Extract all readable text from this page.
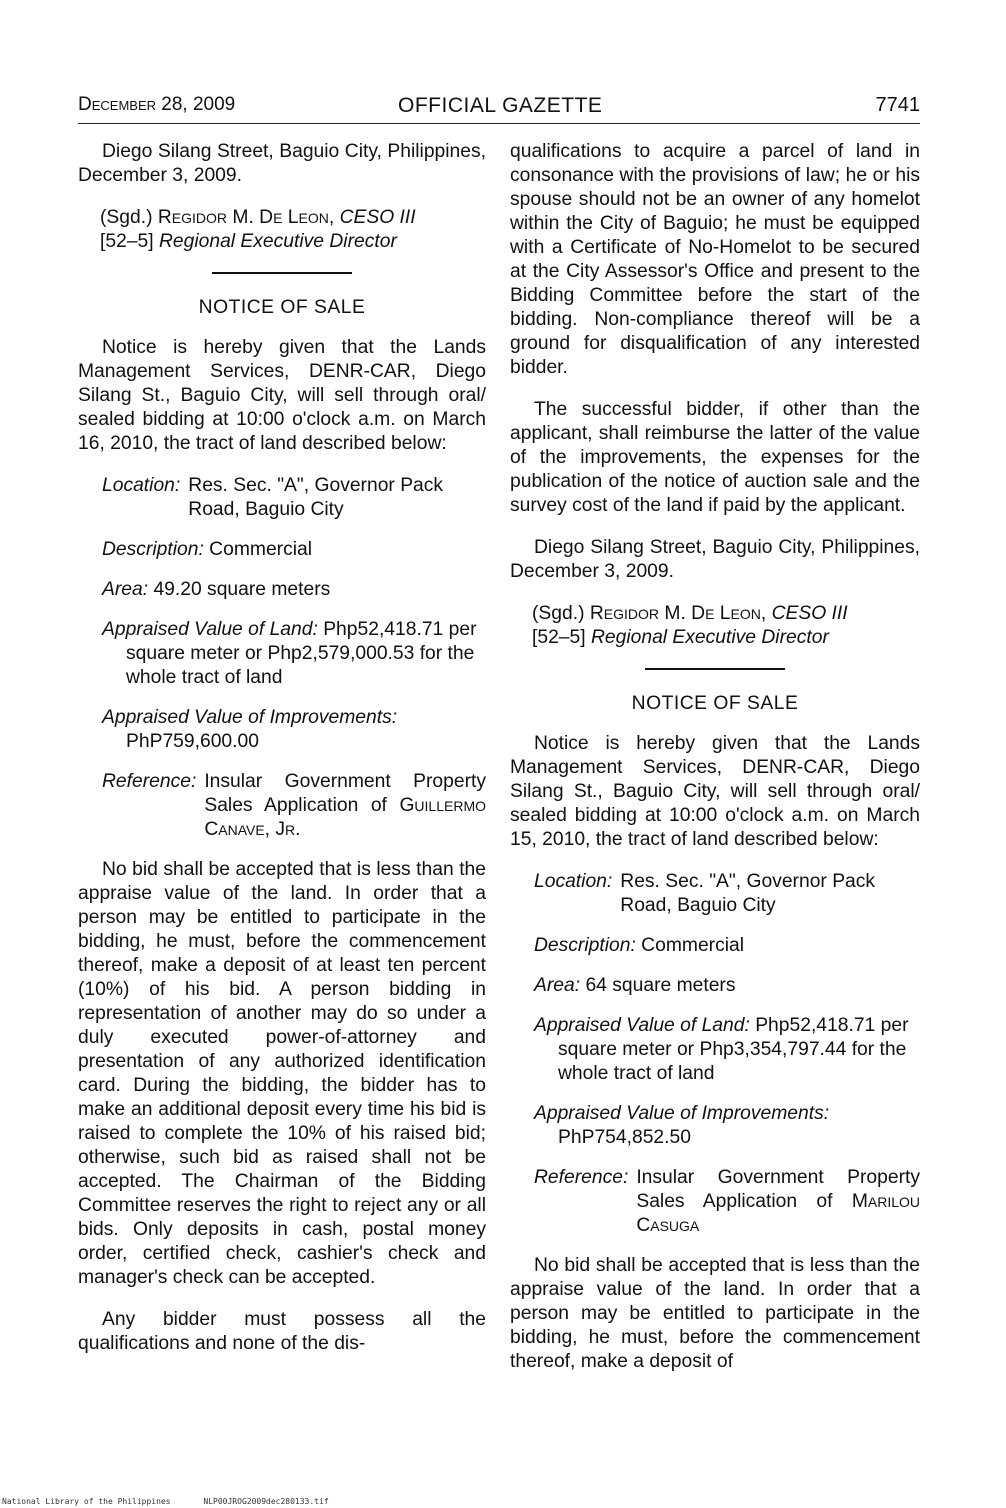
December 28, 2009	OFFICIAL GAZETTE	7741

Diego Silang Street, Baguio City, Philippines, December 3, 2009.

(Sgd.) Regidor M. De Leon, CESO III
[52–5] Regional Executive Director

NOTICE OF SALE

Notice is hereby given that the Lands Management Services, DENR-CAR, Diego Silang St., Baguio City, will sell through oral/ sealed bidding at 10:00 o'clock a.m. on March 16, 2010, the tract of land described below:

Location: Res. Sec. "A", Governor Pack Road, Baguio City
Description: Commercial
Area: 49.20 square meters
Appraised Value of Land: Php52,418.71 per square meter or Php2,579,000.53 for the whole tract of land
Appraised Value of Improvements:
PhP759,600.00
Reference: Insular Government Property Sales Application of Guillermo Canave, Jr.

No bid shall be accepted that is less than the appraise value of the land. In order that a person may be entitled to participate in the bidding, he must, before the commencement thereof, make a deposit of at least ten percent (10%) of his bid. A person bidding in representation of another may do so under a duly executed power-of-attorney and presentation of any authorized identification card. During the bidding, the bidder has to make an additional deposit every time his bid is raised to complete the 10% of his raised bid; otherwise, such bid as raised shall not be accepted. The Chairman of the Bidding Committee reserves the right to reject any or all bids. Only deposits in cash, postal money order, certified check, cashier's check and manager's check can be accepted.

Any bidder must possess all the qualifications and none of the dis-

qualifications to acquire a parcel of land in consonance with the provisions of law; he or his spouse should not be an owner of any homelot within the City of Baguio; he must be equipped with a Certificate of No-Homelot to be secured at the City Assessor's Office and present to the Bidding Committee before the start of the bidding. Non-compliance thereof will be a ground for disqualification of any interested bidder.

The successful bidder, if other than the applicant, shall reimburse the latter of the value of the improvements, the expenses for the publication of the notice of auction sale and the survey cost of the land if paid by the applicant.

Diego Silang Street, Baguio City, Philippines, December 3, 2009.

(Sgd.) Regidor M. De Leon, CESO III
[52–5] Regional Executive Director

NOTICE OF SALE

Notice is hereby given that the Lands Management Services, DENR-CAR, Diego Silang St., Baguio City, will sell through oral/ sealed bidding at 10:00 o'clock a.m. on March 15, 2010, the tract of land described below:

Location: Res. Sec. "A", Governor Pack Road, Baguio City
Description: Commercial
Area: 64 square meters
Appraised Value of Land: Php52,418.71 per square meter or Php3,354,797.44 for the whole tract of land
Appraised Value of Improvements:
PhP754,852.50
Reference: Insular Government Property Sales Application of Marilou Casuga

No bid shall be accepted that is less than the appraise value of the land. In order that a person may be entitled to participate in the bidding, he must, before the commencement thereof, make a deposit of

National Library of the Philippines	NLP00JROG2009dec280133.tif
